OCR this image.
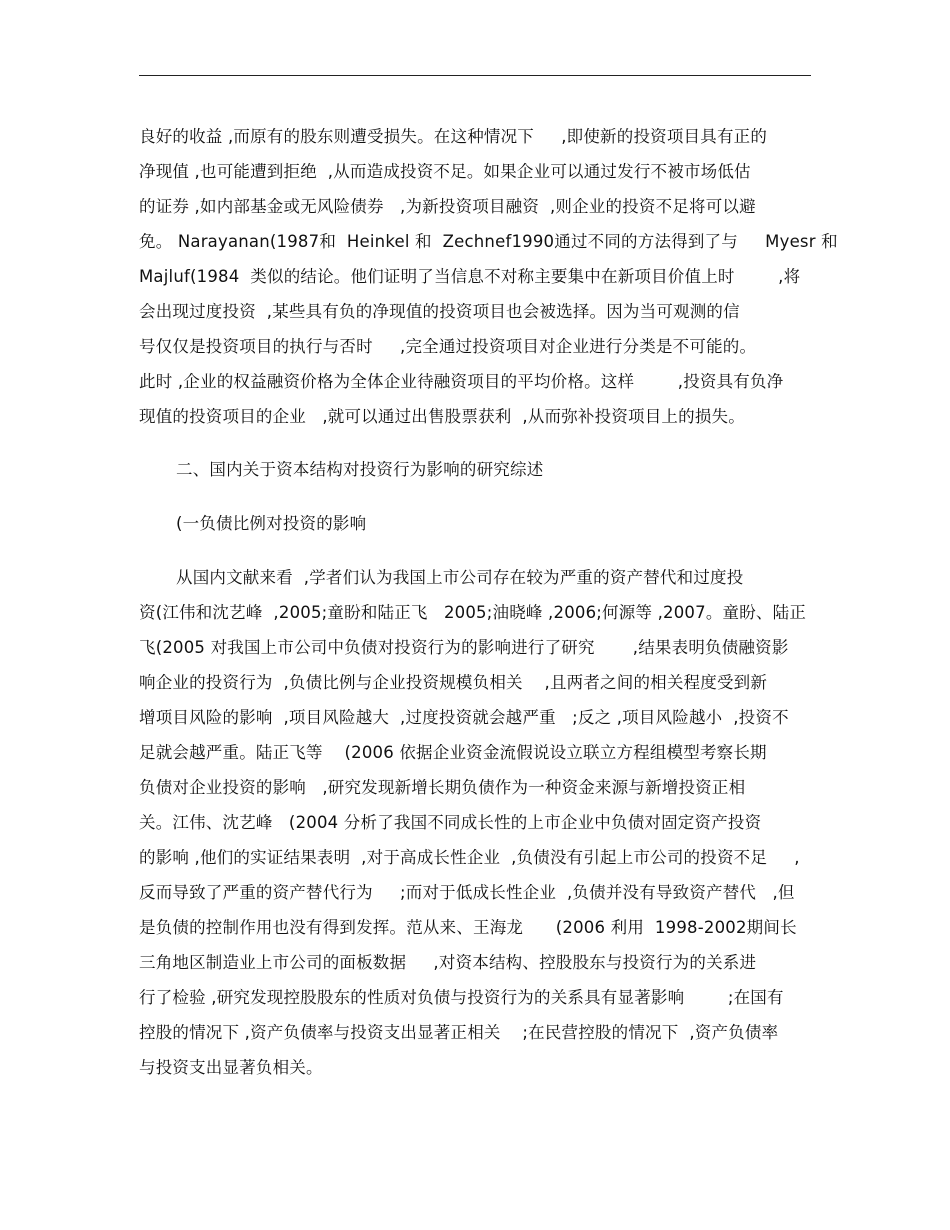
良好的收益 ,而原有的股东则遭受损失。在这种情况下     ,即使新的投资项目具有正的
净现值 ,也可能遭到拒绝  ,从而造成投资不足。如果企业可以通过发行不被市场低估
的证券 ,如内部基金或无风险债券   ,为新投资项目融资  ,则企业的投资不足将可以避
免。 Narayanan(1987和  Heinkel 和  Zechnef1990通过不同的方法得到了与     Myesr 和
Majluf(1984  类似的结论。他们证明了当信息不对称主要集中在新项目价值上时        ,将
会出现过度投资  ,某些具有负的净现值的投资项目也会被选择。因为当可观测的信
号仅仅是投资项目的执行与否时     ,完全通过投资项目对企业进行分类是不可能的。
此时 ,企业的权益融资价格为全体企业待融资项目的平均价格。这样        ,投资具有负净
现值的投资项目的企业   ,就可以通过出售股票获利  ,从而弥补投资项目上的损失。
二、国内关于资本结构对投资行为影响的研究综述
(一负债比例对投资的影响
从国内文献来看  ,学者们认为我国上市公司存在较为严重的资产替代和过度投
资(江伟和沈艺峰  ,2005;童盼和陆正飞   2005;油晓峰 ,2006;何源等 ,2007。童盼、陆正
飞(2005 对我国上市公司中负债对投资行为的影响进行了研究       ,结果表明负债融资影
响企业的投资行为  ,负债比例与企业投资规模负相关    ,且两者之间的相关程度受到新
增项目风险的影响  ,项目风险越大  ,过度投资就会越严重   ;反之 ,项目风险越小  ,投资不
足就会越严重。陆正飞等    (2006 依据企业资金流假说设立联立方程组模型考察长期
负债对企业投资的影响   ,研究发现新增长期负债作为一种资金来源与新增投资正相
关。江伟、沈艺峰   (2004 分析了我国不同成长性的上市企业中负债对固定资产投资
的影响 ,他们的实证结果表明  ,对于高成长性企业  ,负债没有引起上市公司的投资不足     ,
反而导致了严重的资产替代行为     ;而对于低成长性企业  ,负债并没有导致资产替代   ,但
是负债的控制作用也没有得到发挥。范从来、王海龙      (2006 利用  1998-2002期间长
三角地区制造业上市公司的面板数据     ,对资本结构、控股股东与投资行为的关系进
行了检验 ,研究发现控股股东的性质对负债与投资行为的关系具有显著影响        ;在国有
控股的情况下 ,资产负债率与投资支出显著正相关    ;在民营控股的情况下  ,资产负债率
与投资支出显著负相关。
